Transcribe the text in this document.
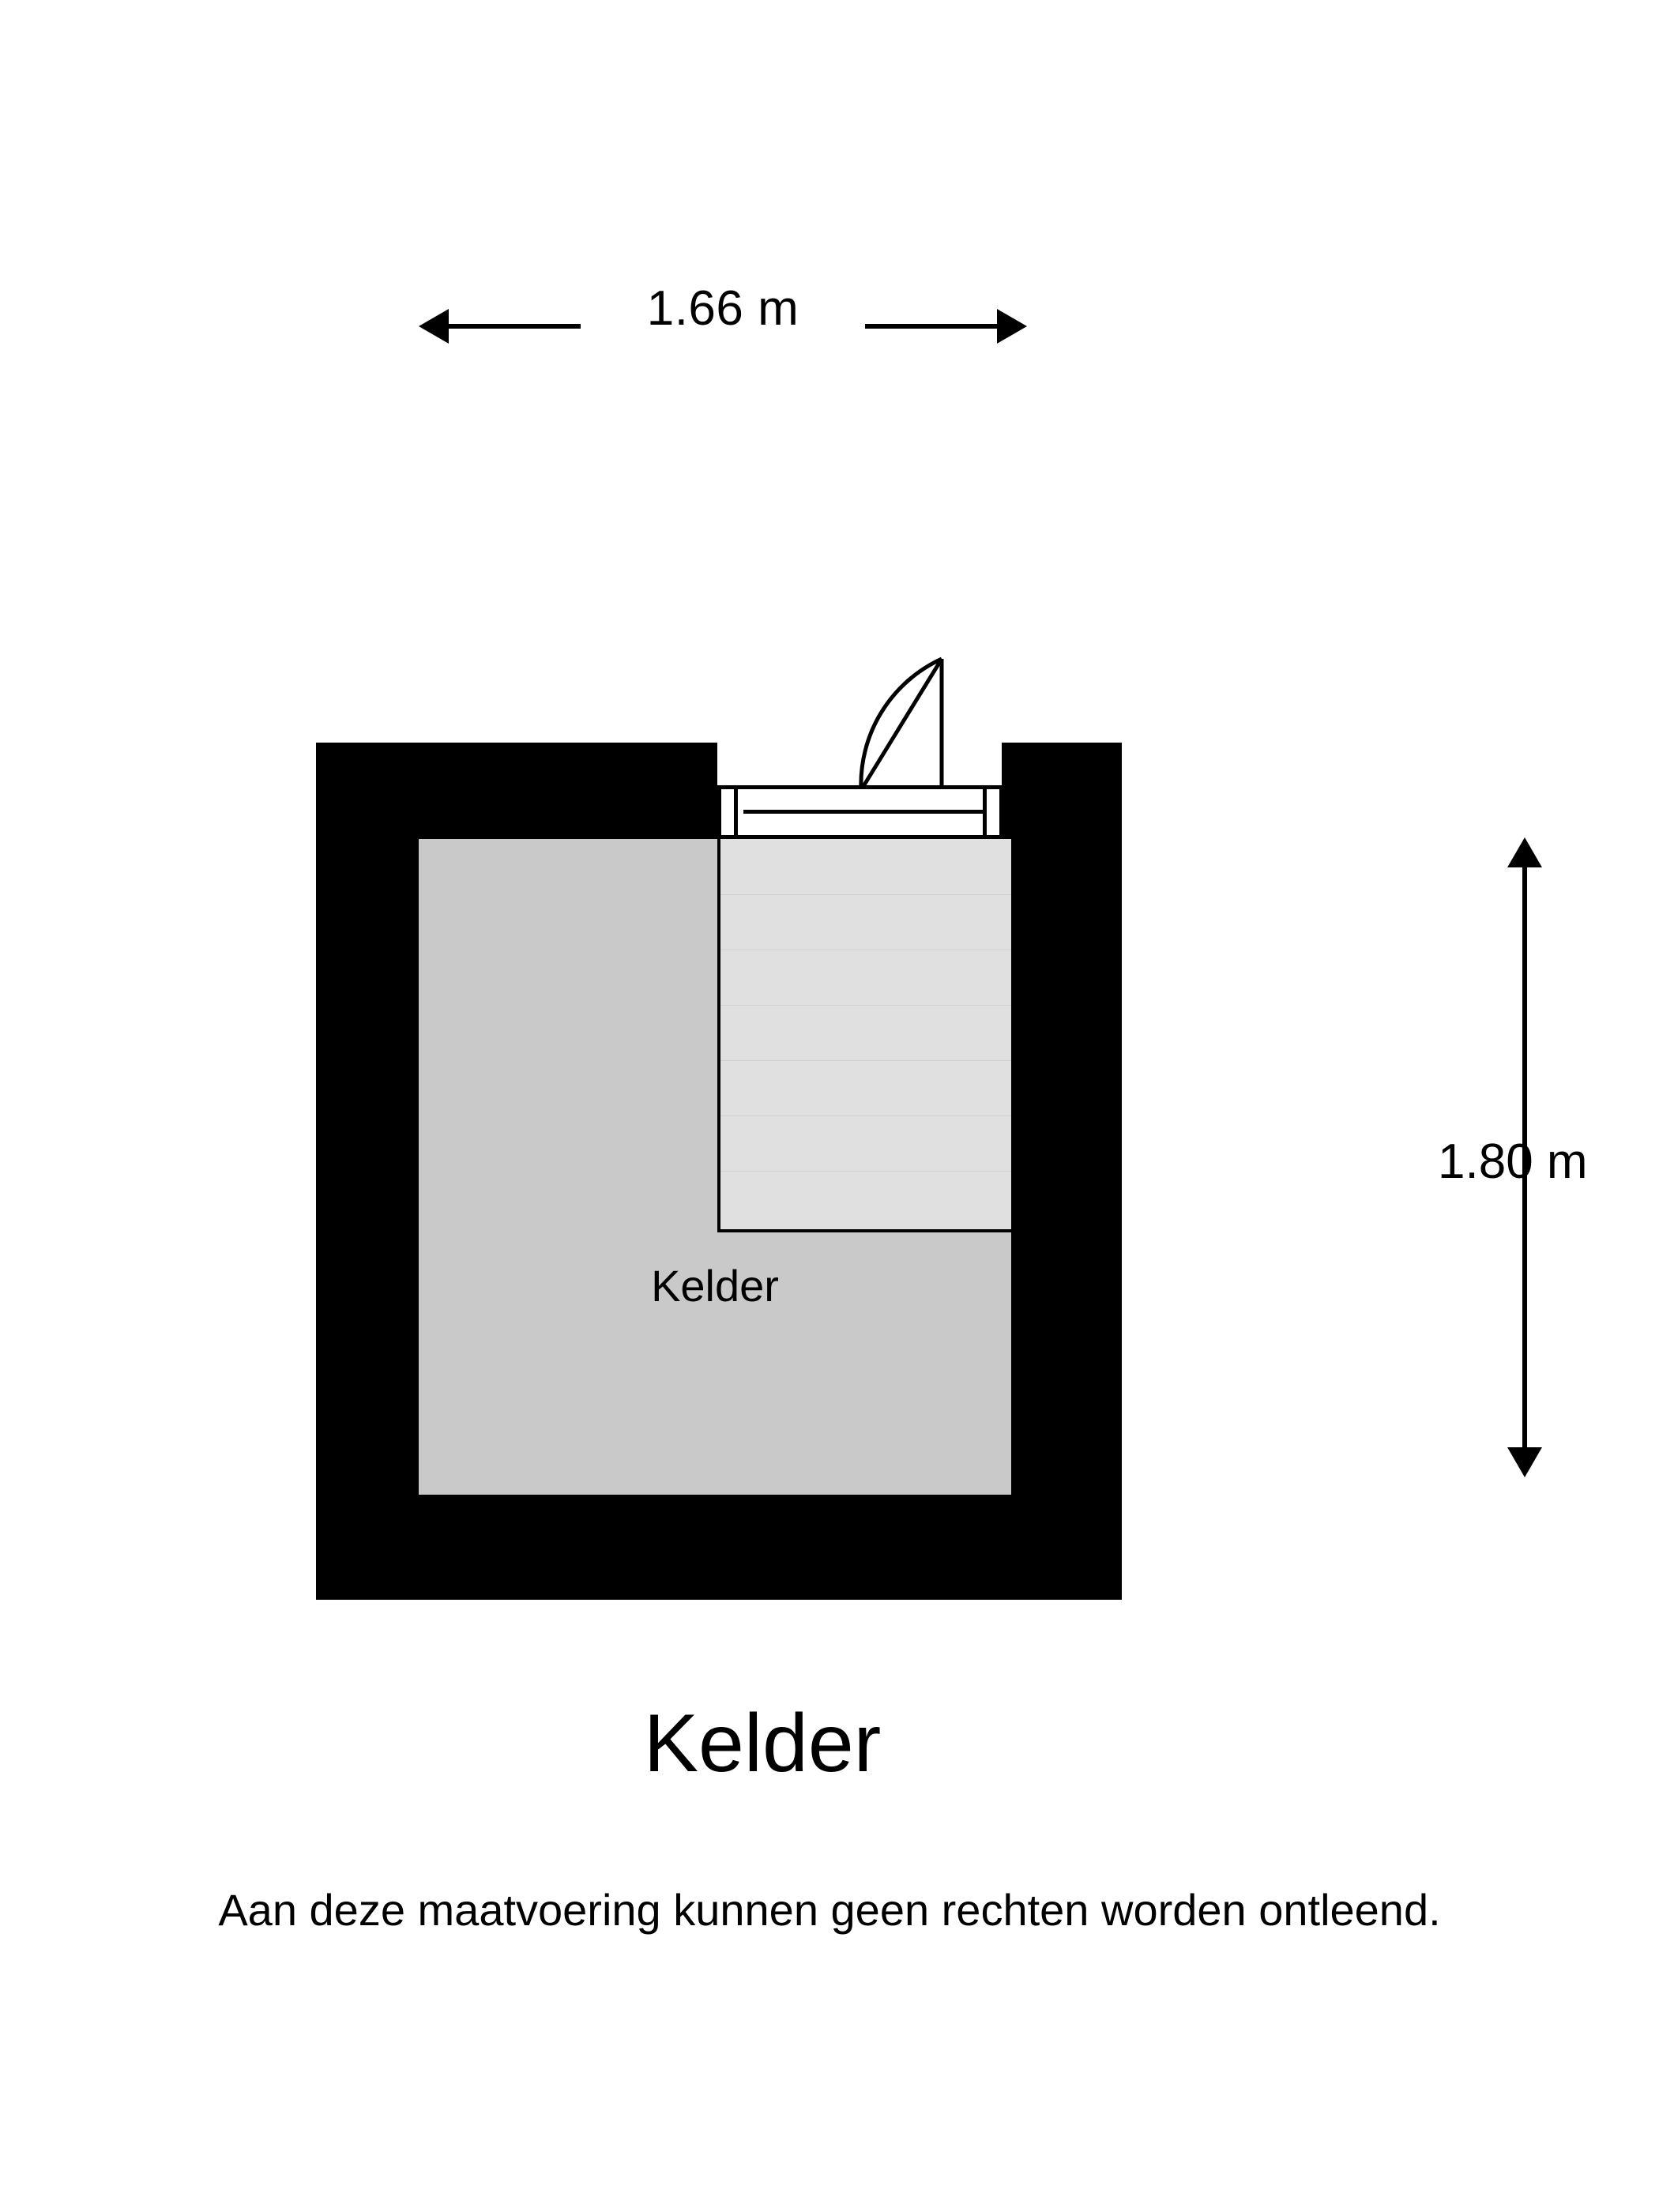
1.66 m
1.80 m
Kelder
Kelder
Aan deze maatvoering kunnen geen rechten worden ontleend.
